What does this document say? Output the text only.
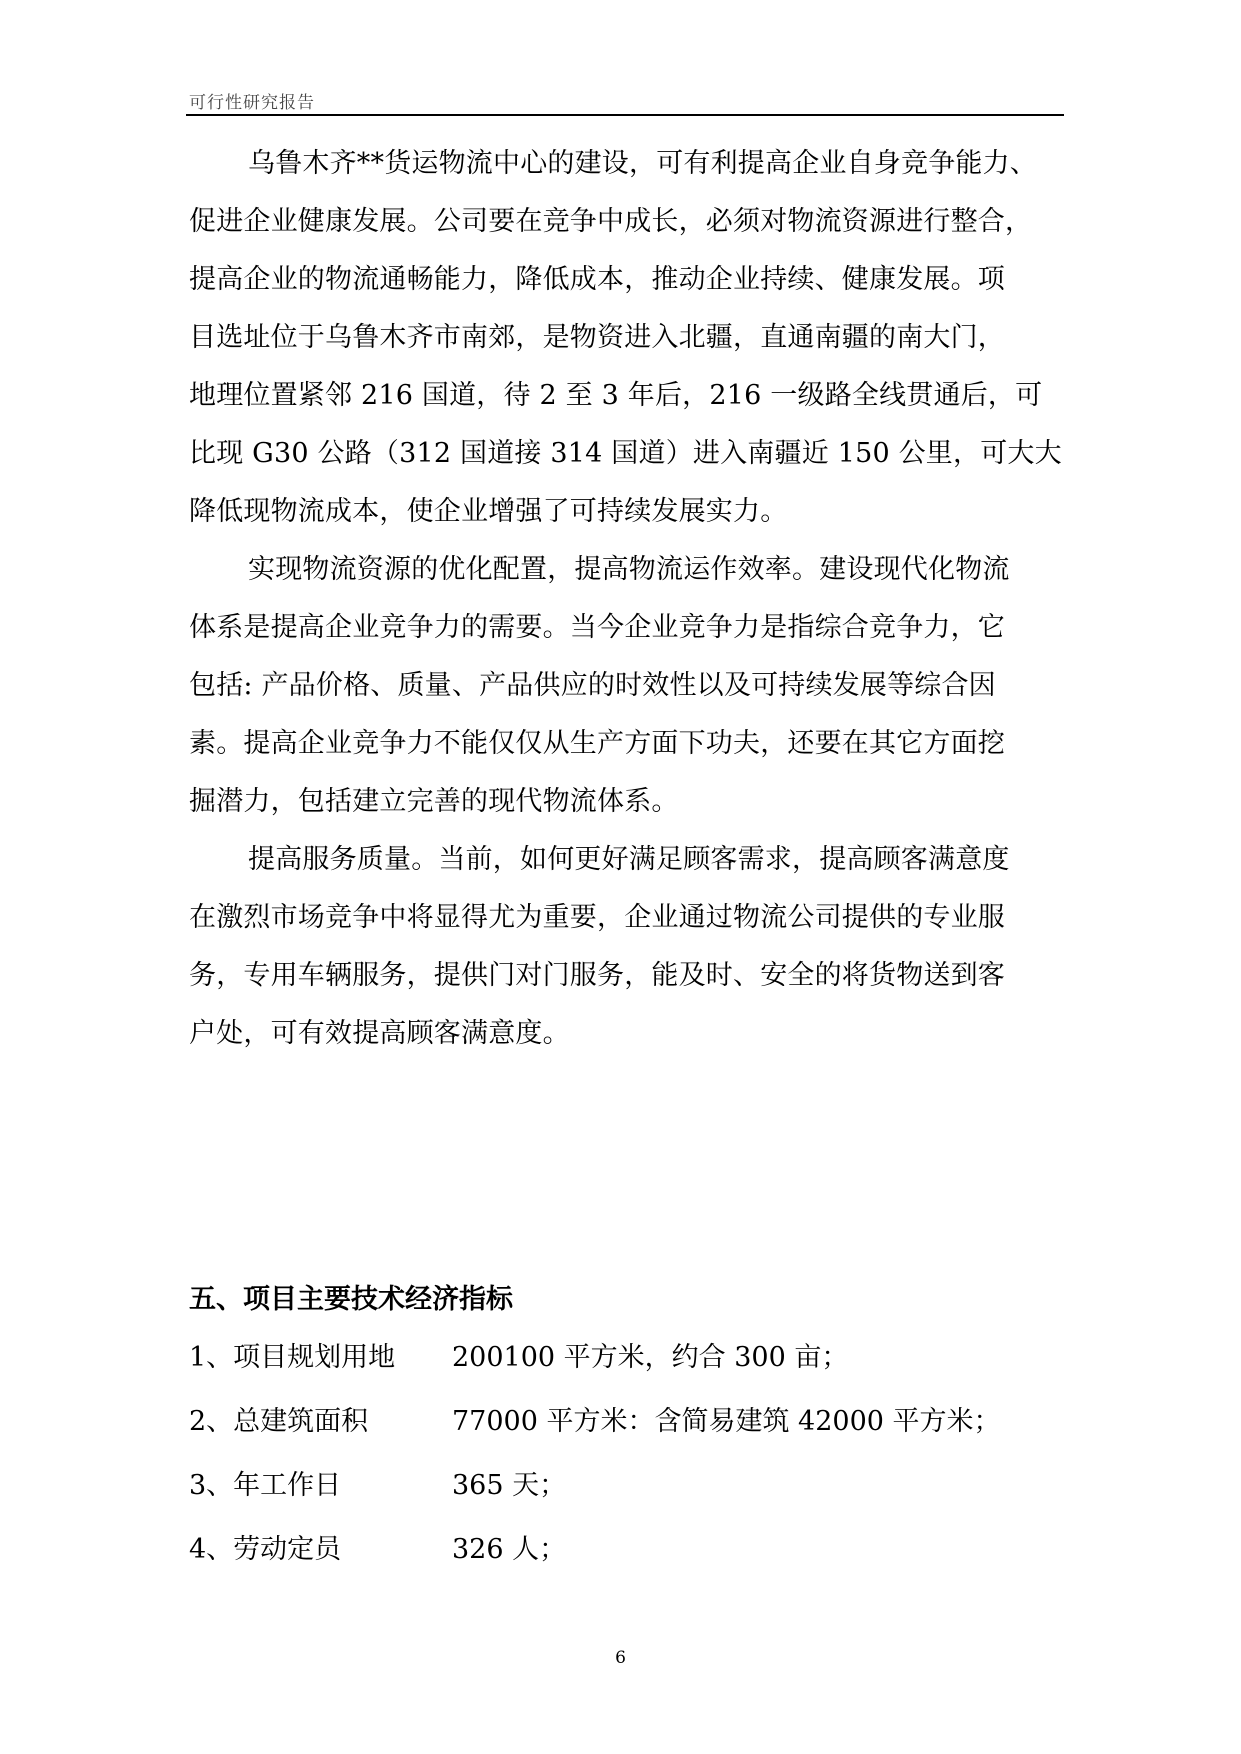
可行性研究报告
乌鲁木齐**货运物流中心的建设，可有利提高企业自身竞争能力、
促进企业健康发展。公司要在竞争中成长，必须对物流资源进行整合，
提高企业的物流通畅能力，降低成本，推动企业持续、健康发展。项
目选址位于乌鲁木齐市南郊，是物资进入北疆，直通南疆的南大门，
地理位置紧邻 216 国道，待 2 至 3 年后，216 一级路全线贯通后，可
比现 G30 公路（312 国道接 314 国道）进入南疆近 150 公里，可大大
降低现物流成本，使企业增强了可持续发展实力。
实现物流资源的优化配置，提高物流运作效率。建设现代化物流
体系是提高企业竞争力的需要。当今企业竞争力是指综合竞争力，它
包括: 产品价格、质量、产品供应的时效性以及可持续发展等综合因
素。提高企业竞争力不能仅仅从生产方面下功夫，还要在其它方面挖
掘潜力，包括建立完善的现代物流体系。
提高服务质量。当前，如何更好满足顾客需求，提高顾客满意度
在激烈市场竞争中将显得尤为重要，企业通过物流公司提供的专业服
务，专用车辆服务，提供门对门服务，能及时、安全的将货物送到客
户处，可有效提高顾客满意度。
五、项目主要技术经济指标
1、项目规划用地 200100 平方米，约合 300 亩；
2、总建筑面积	77000 平方米：含简易建筑 42000 平方米；
3、年工作日	365 天；
4、劳动定员	326 人；
6
